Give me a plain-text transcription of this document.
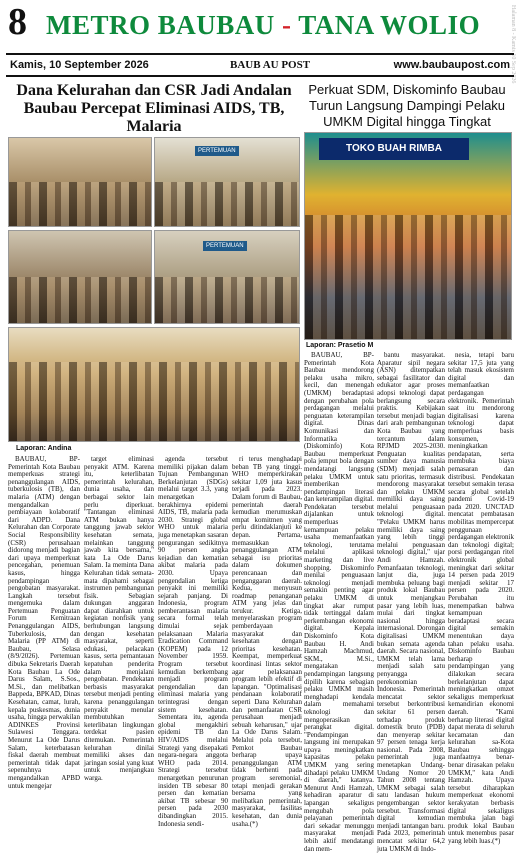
8 METRO BAUBAU - TANA WOLIO	Halaman 8 - Kamis 10 Sep 2026
Kamis, 10 September 2026	BAUB AU POST	www.baubaupost.com
Dana Kelurahan dan CSR Jadi Andalan Baubau Percepat Eliminasi AIDS, TB, Malaria
Perkuat SDM, Diskominfo Baubau Turun Langsung Dampingi Pelaku UMKM Digital hingga Tingkat
PERTEMUAN
PERTEMUAN
TOKO BUAH RIMBA
Laporan: Andina
Laporan: Prasetio M

BAUBAU, BP- Pemerintah Kota Baubau memperkuas strategi penanggulangan AIDS, tuberkulosis (TB), dan malaria (ATM) dengan mengandalkan pembiayaan kolaboratif dari ADPD. Dana Kelurahan dan Corporate Social Responsibility (CSR) perusahaan didorong menjadi bagian dari upaya memperkuat pencegahan, penemuan kasus, hingga pendampingan pengobatan masyarakat. Langkah tersebut mengemuka dalam Pertemuan Penguatan Forum Kemitraan Penanggulangan AIDS, Tuberkulosis, dan Malaria (PP ATM) di Baubau, Selasa (8/9/2026). Pertemuan dibuka Sekretaris Daerah Kota Baubau La Ode Darus Salam, S.Sos., M.Si., dan melibatkan Bappeda, BPKAD, Dinas Kesehatan, camat, lurah, kepala puskesmas, dunia usaha, hingga perwakilan ADINKES Provinsi Sulawesi Tenggara. Menurut La Ode Darus Salam, keterbatasan fiskal daerah membuat pemerintah tidak dapat sepenuhnya mengandalkan APBD untuk mengejar

target eliminasi penyakit ATM. Karena itu, keterlibatan pemerintah kelurahan, dunia usaha, dan berbagai sektor lain perlu diperkuat. "Tantangan eliminasi ATM bukan hanya tanggung jawab sektor kesehatan semata, melainkan tanggung jawab kita bersama," kata La Ode Darus Salam. Ia meminta Dana Kelurahan tidak semata-mata dipahami sebagai instrumen pembangunan fisik. Sebagian dukungan anggaran dapat diarahkan untuk kegiatan nonfisik yang berhubungan langsung dengan kesehatan masyarakat, seperti edukasi, pelacakan kasus, serta pemantauan kepatuhan penderita dalam menjalani pengobatan. Pendekatan berbasis masyarakat tersebut menjadi penting karena penanggulangan penyakit menular membutuhkan keterlibatan lingkungan terdekat pasien ditemukan. Pemerintah kelurahan dinilai memiliki akses dan jaringan sosial yang kuat untuk menjangkau warga.

agenda tersebut memiliki pijakan dalam Tujuan Pembangunan Berkelanjutan (SDGs) melalui target 3.3, yang menargetkan berakhirnya epidemi AIDS, TB, malaria pada 2030. Strategi global WHO untuk malaria juga menetapkan sasaran pengurangan sedikitnya 90 persen angka kejadian dan kematian akibat malaria pada 2030. Upaya pengendalian ketiga penyakit ini memiliki sejarah panjang. Di Indonesia, program pemberantasan malaria secara formal telah dimulai sejak pelaksanaan Malaria Eradication Command (KOPEM) pada 12 November 1959. Program tersebut kemudian berkembang menjadi program pengendalian dan eliminasi malaria yang terintegrasi dengan sistem kesehatan. Sementara itu, agenda global mengakhiri epidemi TB dan HIV/AIDS melalui Strategi yang disepakati negara-negara anggota WHO pada 2014. Strategi tersebut menargetkan penurunan insiden TB sebesar 80 persen dan kematian akibat TB sebesar 90 persen pada 2030 dibandingkan 2015. Indonesia sendi-

ri terus menghadapi beban TB yang tinggi. WHO memperkirakan sekitar 1,09 juta kasus terjadi pada 2023. Dalam forum di Baubau, pemerintah daerah kemudian merumuskan empat komitmen yang perlu ditindaklanjuti ke depan. Pertama, memasukkan penanggulangan ATM sebagai isu prioritas dalam dokumen perencanaan dan penganggaran daerah. Kedua, menyusun roadmap penanganan ATM yang jelas dan terukur. Ketiga, menyelaraskan program pemberdayaan masyarakat dan kesehatan dengan prioritas kesehatan. Keempat, memperkuat koordinasi lintas sektor agar pelaksanaan program lebih efektif di lapangan. "Optimalisasi pendanaan kolaboratif seperti Dana Kelurahan dan pemanfaatan CSR perusahaan menjadi sebuah keharusan," ujar La Ode Darus Salam. Melalui pola tersebut, Pemkot Baubau berharap upaya penanggulangan ATM tidak berhenti pada program seremonial, tetapi menjadi gerakan bersama yang melibatkan pemerintah, masyarakat, fasilitas kesehatan, dan dunia usaha.(*)

BAUBAU, BP- Pemerintah Kota Baubau mendorong pelaku usaha mikro, kecil, dan menengah (UMKM) beradaptasi dengan perubahan pola perdagangan melalui penguatan keterampilan digital. Dinas Komunikasi dan Informatika (Diskominfo) Kota Baubau memperkuat pola jemput bola dengan mendatangi langsung pelaku UMKM untuk memberikan pendampingan literasi dan keterampilan digital. Pendekatan tersebut dijalankan untuk memperluas kemampuan pelaku usaha memanfaatkan teknologi, terutama melalui aplikasi marketing dan live shopping. Diskominfo menilai penguasaan teknologi menjadi semakin penting agar pelaku UMKM di tingkat akar rumput tidak tertinggal dalam perkembangan ekonomi digital. Kepala Diskominfo Kota Baubau H. Andi Hamzah Machmud, SKM., M.Si., mengatakan pendampingan langsung dipilih karena sebagian pelaku UMKM masih menghadapi kendala dalam memahami teknologi dan mengoperasikan perangkat digital. "Pendampingan langsung ini merupakan upaya meningkatkan kapasitas pelaku UMKM yang sering dihadapi pelaku UMKM di daerah," katanya. Menurut Andi Hamzah, kehadiran aparatur di lapangan sekaligus mengubah pola pelayanan pemerintah dari sekadar menunggu masyarakat menjadi lebih aktif mendatangi dan mem-

bantu masyarakat. Aparatur sipil negara (ASN) ditempatkan sebagai fasilitator dan edukator agar proses adopsi teknologi dapat berlangsung secara praktis. Kebijakan tersebut menjadi bagian dari arah pembangunan Kota Baubau yang tercantum dalam RPJMD 2025-2030. Penguatan kualitas sumber daya manusia (SDM) menjadi salah satu prioritas, termasuk mendorong masyarakat dan pelaku UMKM memiliki daya saing melalui penguasaan teknologi digital. "Pelaku UMKM harus memiliki daya saing yang lebih tinggi melalui penguasaan teknologi digital," ujar Andi Hamzah. Pemanfaatan teknologi, lanjut dia, juga membuka peluang bagi produk lokal Baubau untuk menjangkau pasar yang lebih luas, mulai dari tingkat nasional hingga internasional. Dorongan digitalisasi UMKM bukan semata agenda daerah. Secara nasional, UMKM telah lama menjadi salah satu penyangga perekonomian Indonesia. Pemerintah mencatat sektor tersebut berkontribusi sekitar 61 persen terhadap produk domestik bruto (PDB) dan menyerap sekitar 97 persen tenaga kerja nasional. Pada 2008, pemerintah juga menetapkan Undang-Undang Nomor 20 Tahun 2008 tentang UMKM sebagai salah satu landasan hukum pengembangan sektor tersebut. Transformasi digital kemudian menjadi tantangan baru. Pada 2023, pemerintah mencatat sekitar 64,2 juta UMKM di Indo-

nesia, tetapi baru sekitar 17,5 juta yang telah masuk ekosistem digital dan memanfaatkan perdagangan elektronik. Pemerintah saat itu mendorong digitalisasi karena teknologi dapat memperluas basis konsumen, meningkatkan pendapatan, serta membuka biaya pemasaran dan distribusi. Pendekatan tersebut semakin terasa secara global setelah pandemi Covid-19 pada 2020. UNCTAD mencatat pembatasan mobilitas mempercepat penggunaan perdagangan elektronik dan teknologi digital; porsi perdagangan ritel elektronik global meningkat dari sekitar 14 persen pada 2019 menjadi sekitar 17 persen pada 2020. Perubahan itu menempatkan bahwa kemampuan beradaptasi secara digital semakin menentukan daya tahan pelaku usaha. Diskominfo Baubau berharap pendampingan yang dilakukan secara berkelanjutan dapat meningkatkan omzet sekaligus memperkuat kemandirian ekonomi daerah. "Kami berharap literasi digital dapat merata di seluruh kecamatan dan kelurahan sa-Kota Baubau sehingga manfaatnya benar-benar dirasakan pelaku UMKM," kata Andi Hamzah. Upaya tersebut diharapkan memperkuat ekonomi kerakyatan berbasis digital sekaligus membuka jalan bagi produk lokal Baubau untuk menembus pasar yang lebih luas.(*)
